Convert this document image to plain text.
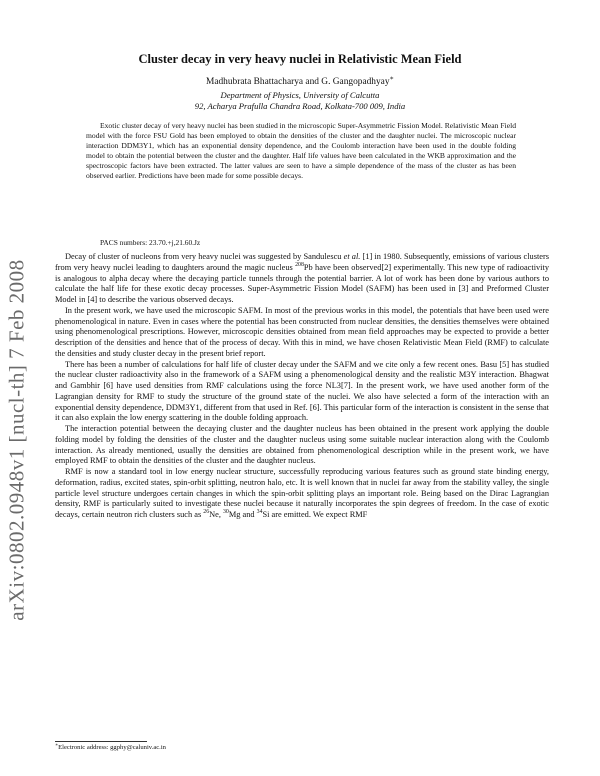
arXiv:0802.0948v1 [nucl-th] 7 Feb 2008
Cluster decay in very heavy nuclei in Relativistic Mean Field
Madhubrata Bhattacharya and G. Gangopadhyay∗
Department of Physics, University of Calcutta
92, Acharya Prafulla Chandra Road, Kolkata-700 009, India

Exotic cluster decay of very heavy nuclei has been studied in the microscopic Super-Asymmetric Fission Model. Relativistic Mean Field model with the force FSU Gold has been employed to obtain the densities of the cluster and the daughter nuclei. The microscopic nuclear interaction DDM3Y1, which has an exponential density dependence, and the Coulomb interaction have been used in the double folding model to obtain the potential between the cluster and the daughter. Half life values have been calculated in the WKB approximation and the spectroscopic factors have been extracted. The latter values are seen to have a simple dependence of the mass of the cluster as has been observed earlier. Predictions have been made for some possible decays.

PACS numbers: 23.70.+j,21.60.Jz

Decay of cluster of nucleons from very heavy nuclei was suggested by Sandulescu et al. [1] in 1980. Subsequently, emissions of various clusters from very heavy nuclei leading to daughters around the magic nucleus $^{208}$Pb have been observed[2] experimentally. This new type of radioactivity is analogous to alpha decay where the decaying particle tunnels through the potential barrier. A lot of work has been done by various authors to calculate the half life for these exotic decay processes. Super-Asymmetric Fission Model (SAFM) has been used in [3] and Preformed Cluster Model in [4] to describe the various observed decays.

In the present work, we have used the microscopic SAFM. In most of the previous works in this model, the potentials that have been used were phenomenological in nature. Even in cases where the potential has been constructed from nuclear densities, the densities themselves were obtained using phenomenological prescriptions. However, microscopic densities obtained from mean field approaches may be expected to provide a better description of the densities and hence that of the process of decay. With this in mind, we have chosen Relativistic Mean Field (RMF) to calculate the densities and study cluster decay in the present brief report.

There has been a number of calculations for half life of cluster decay under the SAFM and we cite only a few recent ones. Basu [5] has studied the nuclear cluster radioactivity also in the framework of a SAFM using a phenomenological density and the realistic M3Y interaction. Bhagwat and Gambhir [6] have used densities from RMF calculations using the force NL3[7]. In the present work, we have used another form of the Lagrangian density for RMF to study the structure of the ground state of the nuclei. We also have selected a form of the interaction with an exponential density dependence, DDM3Y1, different from that used in Ref. [6]. This particular form of the interaction is consistent in the sense that it can also explain the low energy scattering in the double folding approach.

The interaction potential between the decaying cluster and the daughter nucleus has been obtained in the present work applying the double folding model by folding the densities of the cluster and the daughter nucleus using some suitable nuclear interaction along with the Coulomb interaction. As already mentioned, usually the densities are obtained from phenomenological description while in the present work, we have employed RMF to obtain the densities of the cluster and the daughter nucleus.

RMF is now a standard tool in low energy nuclear structure, successfully reproducing various features such as ground state binding energy, deformation, radius, excited states, spin-orbit splitting, neutron halo, etc. It is well known that in nuclei far away from the stability valley, the single particle level structure undergoes certain changes in which the spin-orbit splitting plays an important role. Being based on the Dirac Lagrangian density, RMF is particularly suited to investigate these nuclei because it naturally incorporates the spin degrees of freedom. In the case of exotic decays, certain neutron rich clusters such as $^{26}$Ne, $^{30}$Mg and $^{34}$Si are emitted. We expect RMF

∗Electronic address: ggphy@caluniv.ac.in
